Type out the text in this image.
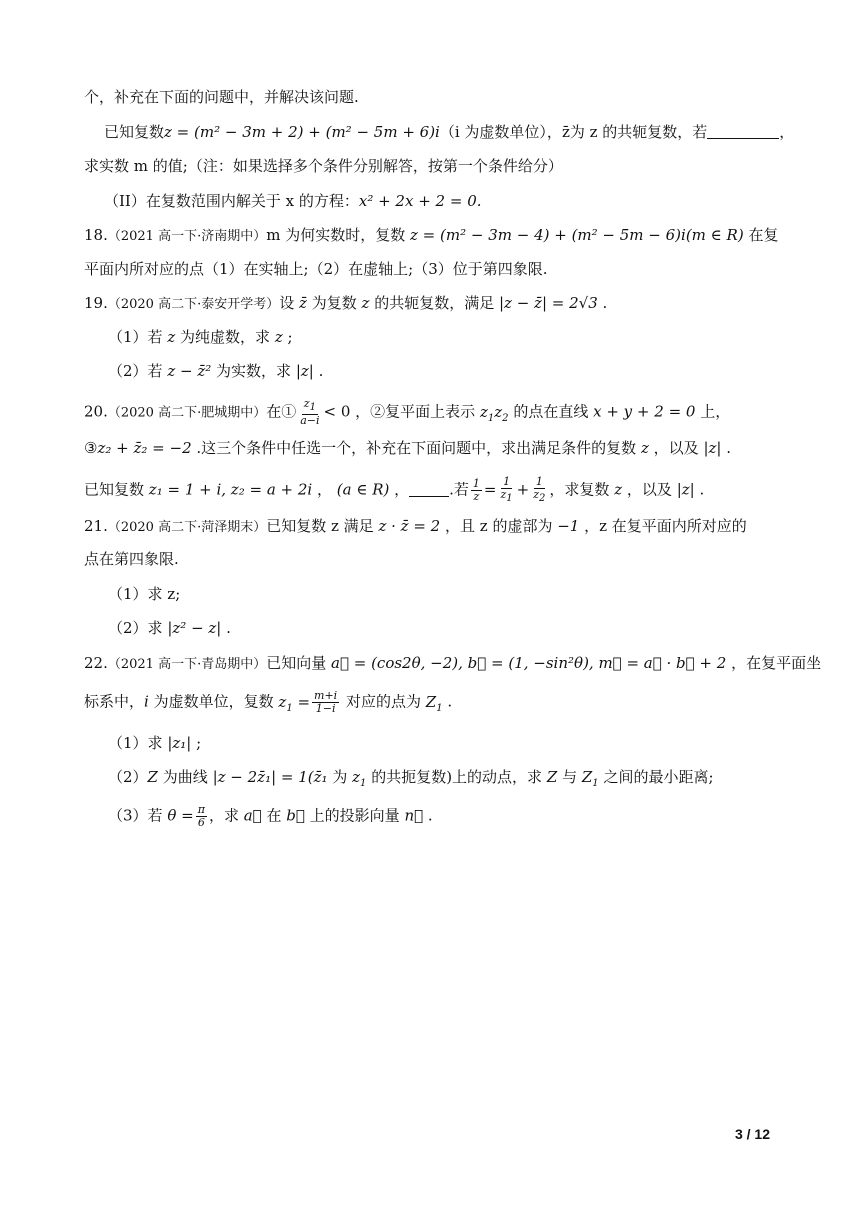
个，补充在下面的问题中，并解决该问题.
已知复数z = (m² − 3m + 2) + (m² − 5m + 6)i（i 为虚数单位），z̄为 z 的共轭复数，若	，
求实数 m 的值;（注：如果选择多个条件分别解答，按第一个条件给分）
（II）在复数范围内解关于 x 的方程：x² + 2x + 2 = 0.
18.（2021 高一下·济南期中）m 为何实数时，复数 z = (m² − 3m − 4) + (m² − 5m − 6)i(m ∈ R) 在复
平面内所对应的点（1）在实轴上;（2）在虚轴上;（3）位于第四象限.
19.（2020 高二下·泰安开学考）设 z̄ 为复数 z 的共轭复数，满足 |z − z̄| = 2√3 .
（1）若 z 为纯虚数，求 z ;
（2）若 z − z̄² 为实数，求 |z| .
20.（2020 高二下·肥城期中）在① $\frac{z_1}{a-i} < 0$ ，②复平面上表示 $z_1z_2$ 的点在直线 x + y + 2 = 0 上，
③z₂ + z̄₂ = −2 .这三个条件中任选一个，补充在下面问题中，求出满足条件的复数 z ，以及 |z| .
已知复数 z₁ = 1 + i, z₂ = a + 2i ， (a ∈ R) ，	.若 $\frac{1}{z} = \frac{1}{z_1} + \frac{1}{z_2}$ ，求复数 z ，以及 |z| .
21.（2020 高二下·菏泽期末）已知复数 z 满足 z · z̄ = 2 ，且 z 的虚部为 −1 ，z 在复平面内所对应的
点在第四象限.
（1）求 z;
（2）求 |z² − z| .
22.（2021 高一下·青岛期中）已知向量 a⃗ = (cos2θ, −2), b⃗ = (1, −sin²θ), m⃗ = a⃗ · b⃗ + 2 ，在复平面坐
标系中，i 为虚数单位，复数 $z_1 = \frac{m+i}{1-i}$ 对应的点为 $Z_1$ .
（1）求 |z₁| ;
（2）Z 为曲线 |z − 2z̄₁| = 1(z̄₁ 为 $z_1$ 的共扼复数)上的动点，求 Z 与 $Z_1$ 之间的最小距离;
（3）若 $\theta = \frac{\pi}{6}$ ，求 a⃗ 在 b⃗ 上的投影向量 n⃗ .
3 / 12
